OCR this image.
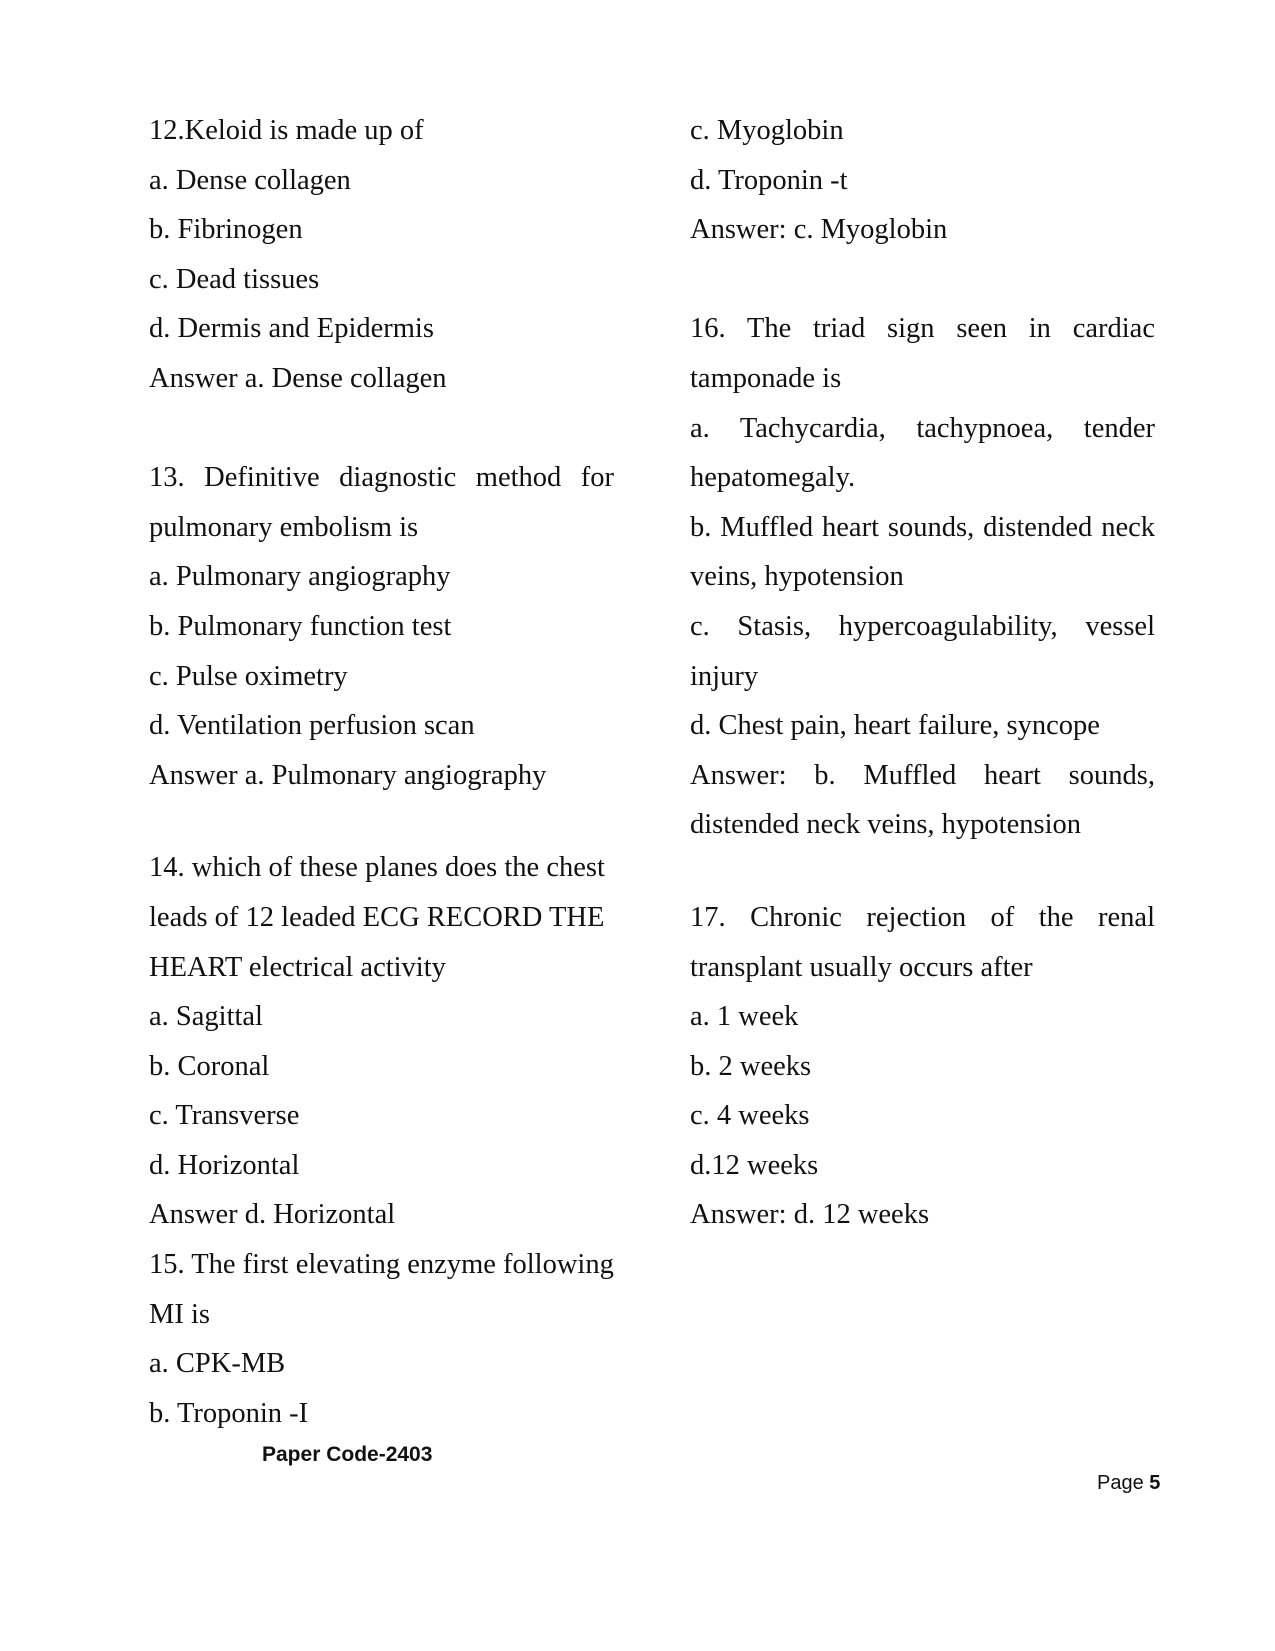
12.Keloid is made up of
a. Dense collagen
b. Fibrinogen
c. Dead tissues
d. Dermis and Epidermis
Answer a. Dense collagen
13. Definitive diagnostic method for
pulmonary embolism is
a. Pulmonary angiography
b. Pulmonary function test
c. Pulse oximetry
d. Ventilation perfusion scan
Answer a. Pulmonary angiography
14. which of these planes does the chest
leads of 12 leaded ECG RECORD THE
HEART electrical activity
a. Sagittal
b. Coronal
c. Transverse
d. Horizontal
Answer d. Horizontal
15. The first elevating enzyme following
MI is
a. CPK-MB
b. Troponin -I
c. Myoglobin
d. Troponin -t
Answer: c. Myoglobin
16. The triad sign seen in cardiac
tamponade is
a. Tachycardia, tachypnoea, tender
hepatomegaly.
b. Muffled heart sounds, distended neck
veins, hypotension
c. Stasis, hypercoagulability, vessel
injury
d. Chest pain, heart failure, syncope
Answer: b. Muffled heart sounds,
distended neck veins, hypotension
17. Chronic rejection of the renal
transplant usually occurs after
a. 1 week
b. 2 weeks
c. 4 weeks
d.12 weeks
Answer: d. 12 weeks
Paper Code-2403
Page 5
